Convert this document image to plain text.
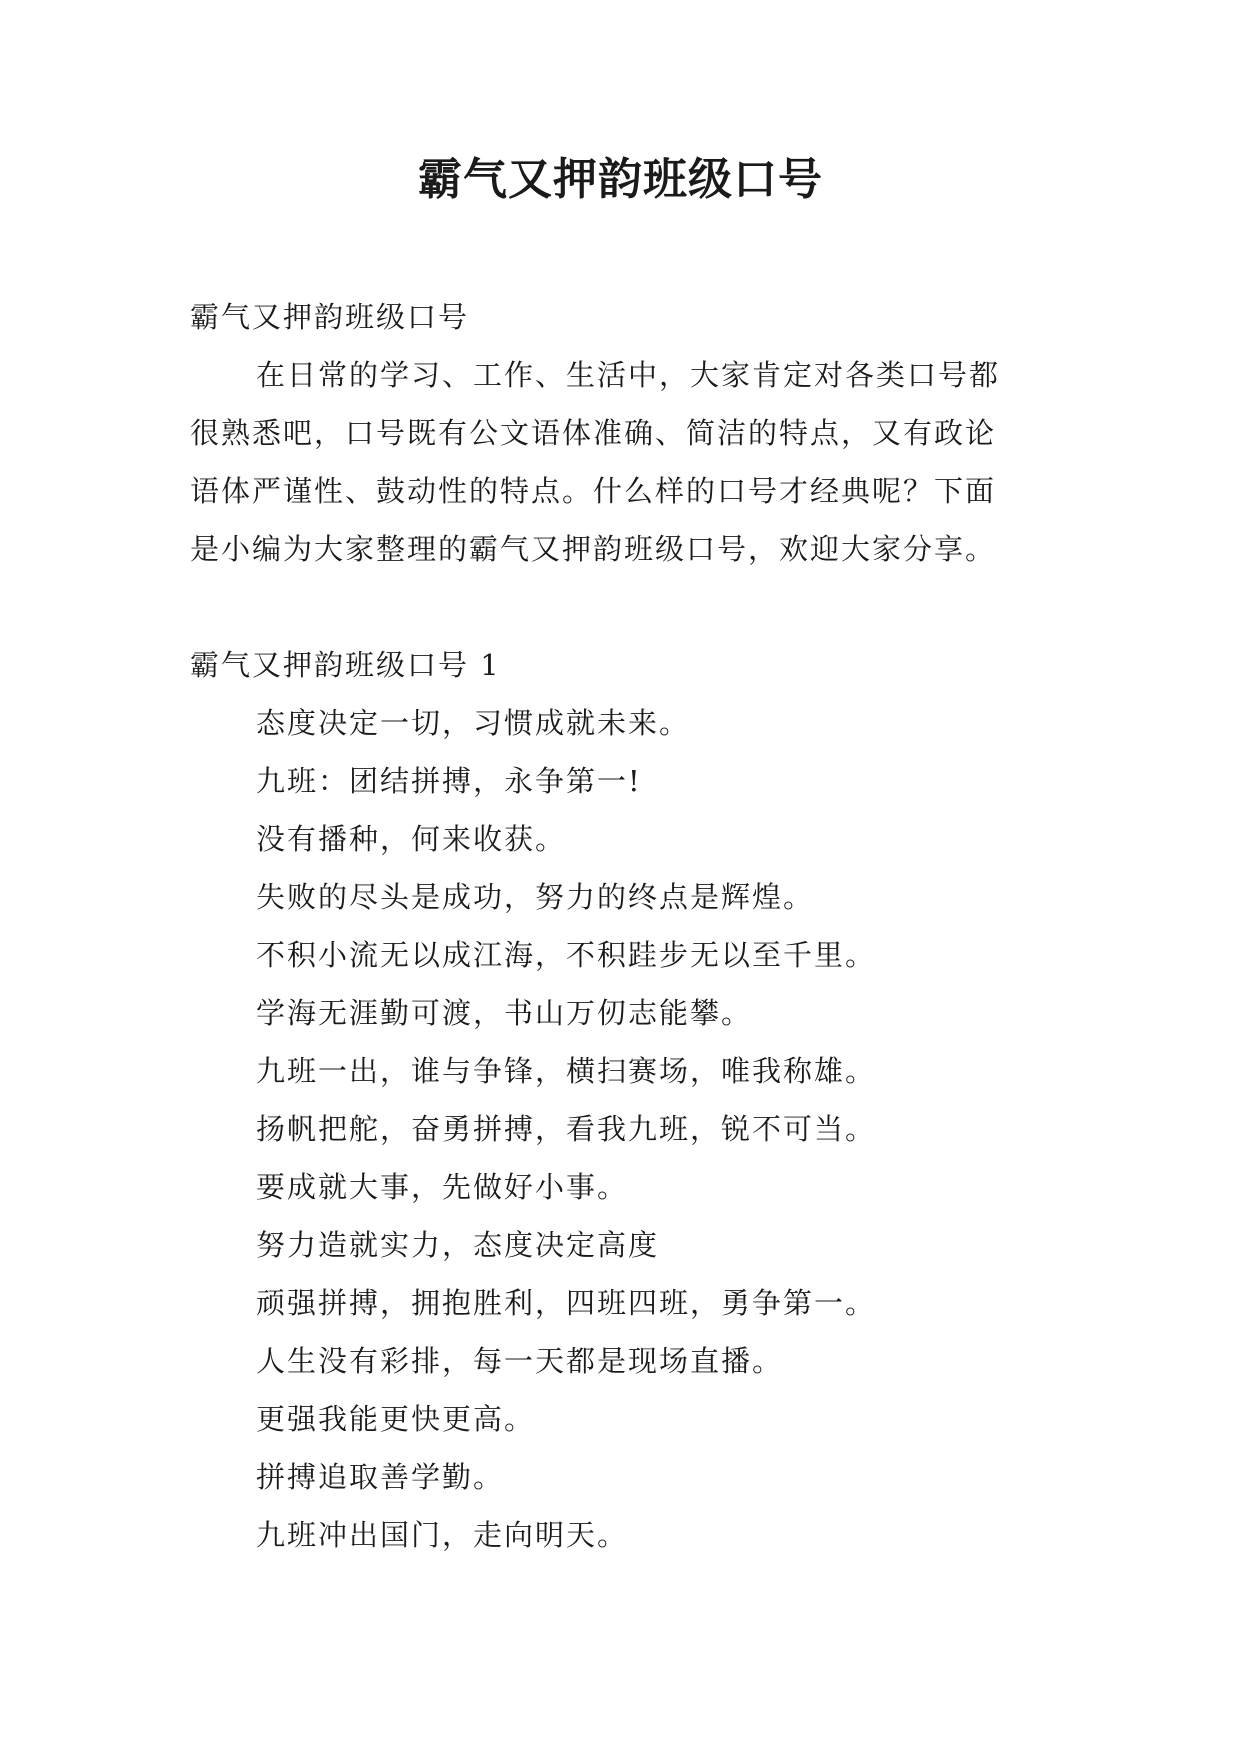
霸气又押韵班级口号
霸气又押韵班级口号
在日常的学习、工作、生活中，大家肯定对各类口号都
很熟悉吧，口号既有公文语体准确、简洁的特点，又有政论
语体严谨性、鼓动性的特点。什么样的口号才经典呢？下面
是小编为大家整理的霸气又押韵班级口号，欢迎大家分享。
霸气又押韵班级口号 1
态度决定一切，习惯成就未来。
九班：团结拼搏，永争第一!
没有播种，何来收获。
失败的尽头是成功，努力的终点是辉煌。
不积小流无以成江海，不积跬步无以至千里。
学海无涯勤可渡，书山万仞志能攀。
九班一出，谁与争锋，横扫赛场，唯我称雄。
扬帆把舵，奋勇拼搏，看我九班，锐不可当。
要成就大事，先做好小事。
努力造就实力，态度决定高度
顽强拼搏，拥抱胜利，四班四班，勇争第一。
人生没有彩排，每一天都是现场直播。
更强我能更快更高。
拼搏追取善学勤。
九班冲出国门，走向明天。
